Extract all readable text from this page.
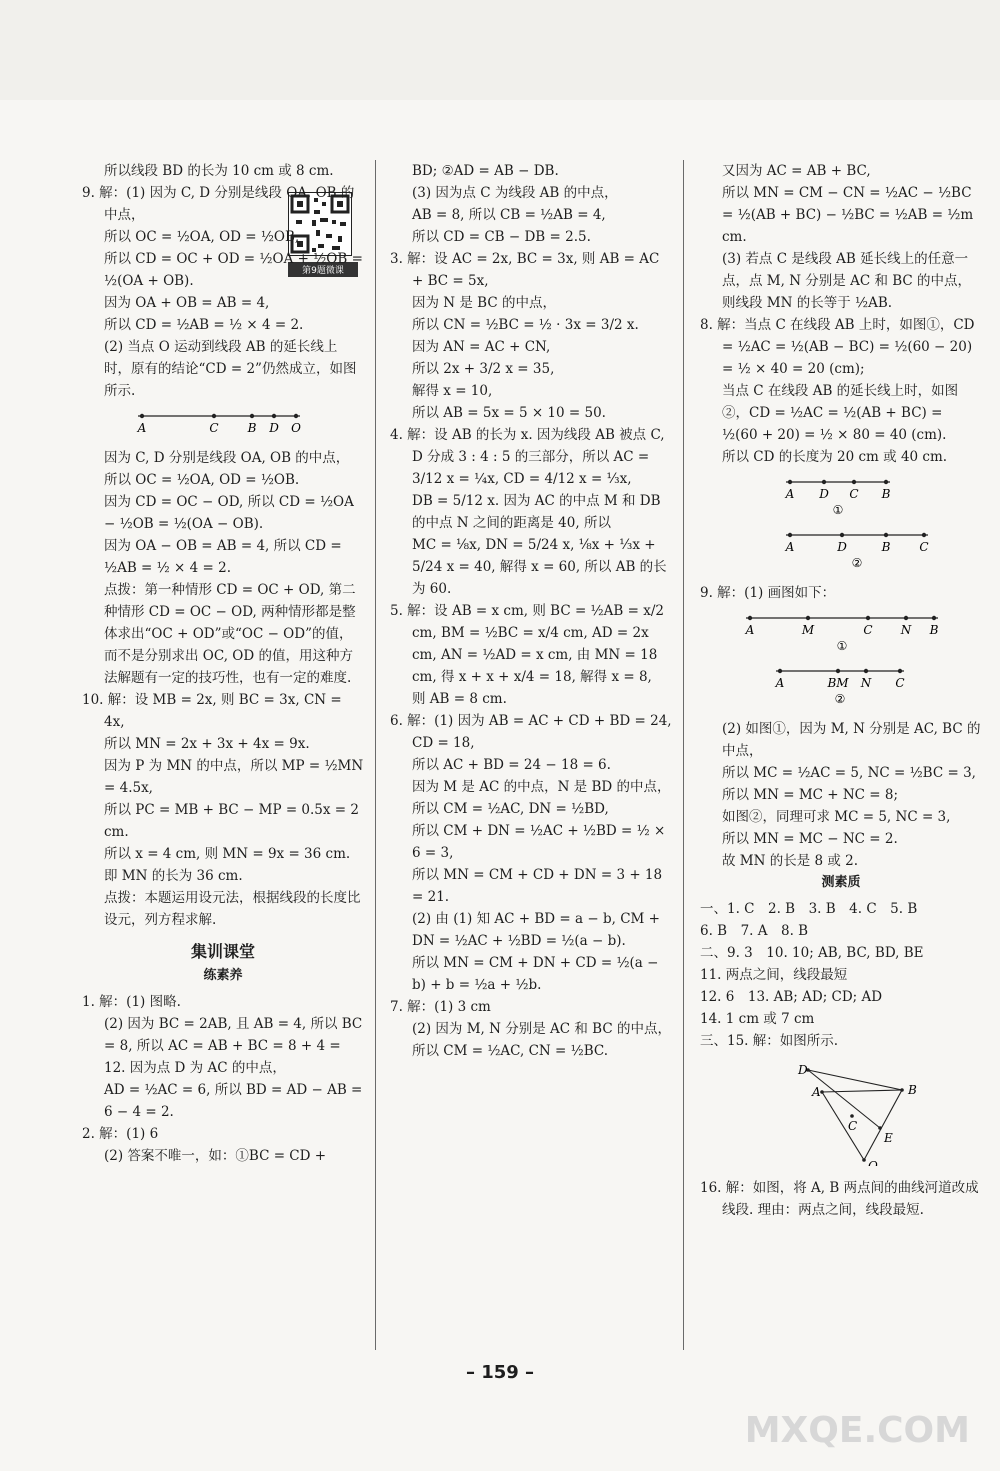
第9题微课

所以线段 BD 的长为 10 cm 或 8 cm.

9. 解：(1) 因为 C, D 分别是线段 OA, OB 的中点，

所以 OC = ½OA, OD = ½OB,

所以 CD = OC + OD = ½OA + ½OB = ½(OA + OB).

因为 OA + OB = AB = 4,

所以 CD = ½AB = ½ × 4 = 2.

(2) 当点 O 运动到线段 AB 的延长线上时，原有的结论“CD = 2”仍然成立，如图所示.

A	C B D O

因为 C, D 分别是线段 OA, OB 的中点，

所以 OC = ½OA, OD = ½OB.

因为 CD = OC − OD, 所以 CD = ½OA − ½OB = ½(OA − OB).

因为 OA − OB = AB = 4, 所以 CD = ½AB = ½ × 4 = 2.

点拨：第一种情形 CD = OC + OD, 第二种情形 CD = OC − OD, 两种情形都是整体求出“OC + OD”或“OC − OD”的值，而不是分别求出 OC, OD 的值，用这种方法解题有一定的技巧性，也有一定的难度.

10. 解：设 MB = 2x, 则 BC = 3x, CN = 4x,

所以 MN = 2x + 3x + 4x = 9x.

因为 P 为 MN 的中点，所以 MP = ½MN = 4.5x,

所以 PC = MB + BC − MP = 0.5x = 2 cm.

所以 x = 4 cm, 则 MN = 9x = 36 cm.

即 MN 的长为 36 cm.

点拨：本题运用设元法，根据线段的长度比设元，列方程求解.

集训课堂

练素养

1. 解：(1) 图略.

(2) 因为 BC = 2AB, 且 AB = 4, 所以 BC = 8, 所以 AC = AB + BC = 8 + 4 = 12. 因为点 D 为 AC 的中点，

AD = ½AC = 6, 所以 BD = AD − AB = 6 − 4 = 2.

2. 解：(1) 6

(2) 答案不唯一，如：①BC = CD +

BD; ②AD = AB − DB.

(3) 因为点 C 为线段 AB 的中点，

AB = 8, 所以 CB = ½AB = 4,

所以 CD = CB − DB = 2.5.

3. 解：设 AC = 2x, BC = 3x, 则 AB = AC + BC = 5x,

因为 N 是 BC 的中点，

所以 CN = ½BC = ½ · 3x = 3/2 x.

因为 AN = AC + CN,

所以 2x + 3/2 x = 35,

解得 x = 10,

所以 AB = 5x = 5 × 10 = 50.

4. 解：设 AB 的长为 x. 因为线段 AB 被点 C, D 分成 3 : 4 : 5 的三部分，所以 AC = 3/12 x = ¼x, CD = 4/12 x = ⅓x,

DB = 5/12 x. 因为 AC 的中点 M 和 DB 的中点 N 之间的距离是 40, 所以

MC = ⅛x, DN = 5/24 x, ⅛x + ⅓x + 5/24 x = 40, 解得 x = 60, 所以 AB 的长为 60.

5. 解：设 AB = x cm, 则 BC = ½AB = x/2 cm, BM = ½BC = x/4 cm, AD = 2x cm, AN = ½AD = x cm, 由 MN = 18 cm, 得 x + x + x/4 = 18, 解得 x = 8,

则 AB = 8 cm.

6. 解：(1) 因为 AB = AC + CD + BD = 24, CD = 18,

所以 AC + BD = 24 − 18 = 6.

因为 M 是 AC 的中点，N 是 BD 的中点，

所以 CM = ½AC, DN = ½BD,

所以 CM + DN = ½AC + ½BD = ½ × 6 = 3,

所以 MN = CM + CD + DN = 3 + 18 = 21.

(2) 由 (1) 知 AC + BD = a − b, CM + DN = ½AC + ½BD = ½(a − b).

所以 MN = CM + DN + CD = ½(a − b) + b = ½a + ½b.

7. 解：(1) 3 cm

(2) 因为 M, N 分别是 AC 和 BC 的中点，

所以 CM = ½AC, CN = ½BC.

又因为 AC = AB + BC,

所以 MN = CM − CN = ½AC − ½BC = ½(AB + BC) − ½BC = ½AB = ½m cm.

(3) 若点 C 是线段 AB 延长线上的任意一点，点 M, N 分别是 AC 和 BC 的中点，则线段 MN 的长等于 ½AB.

8. 解：当点 C 在线段 AB 上时，如图①，CD = ½AC = ½(AB − BC) = ½(60 − 20) = ½ × 40 = 20 (cm);

当点 C 在线段 AB 的延长线上时，如图②，CD = ½AC = ½(AB + BC) = ½(60 + 20) = ½ × 80 = 40 (cm).

所以 CD 的长度为 20 cm 或 40 cm.

A D C B
①
A	D	B C
②

9. 解：(1) 画图如下：

A	M	C N B
①
A	BM N C
②

(2) 如图①，因为 M, N 分别是 AC, BC 的中点，

所以 MC = ½AC = 5, NC = ½BC = 3,

所以 MN = MC + NC = 8;

如图②，同理可求 MC = 5, NC = 3,

所以 MN = MC − NC = 2.

故 MN 的长是 8 或 2.

测素质

一、1. C　2. B　3. B　4. C　5. B

6. B　7. A　8. B

二、9. 3　10. 10; AB, BC, BD, BE

11. 两点之间，线段最短

12. 6　13. AB; AD; CD; AD

14. 1 cm 或 7 cm

三、15. 解：如图所示.

D
A	B
C
E
O

16. 解：如图，将 A, B 两点间的曲线河道改成线段. 理由：两点之间，线段最短.

– 159 –
MXQE.COM
